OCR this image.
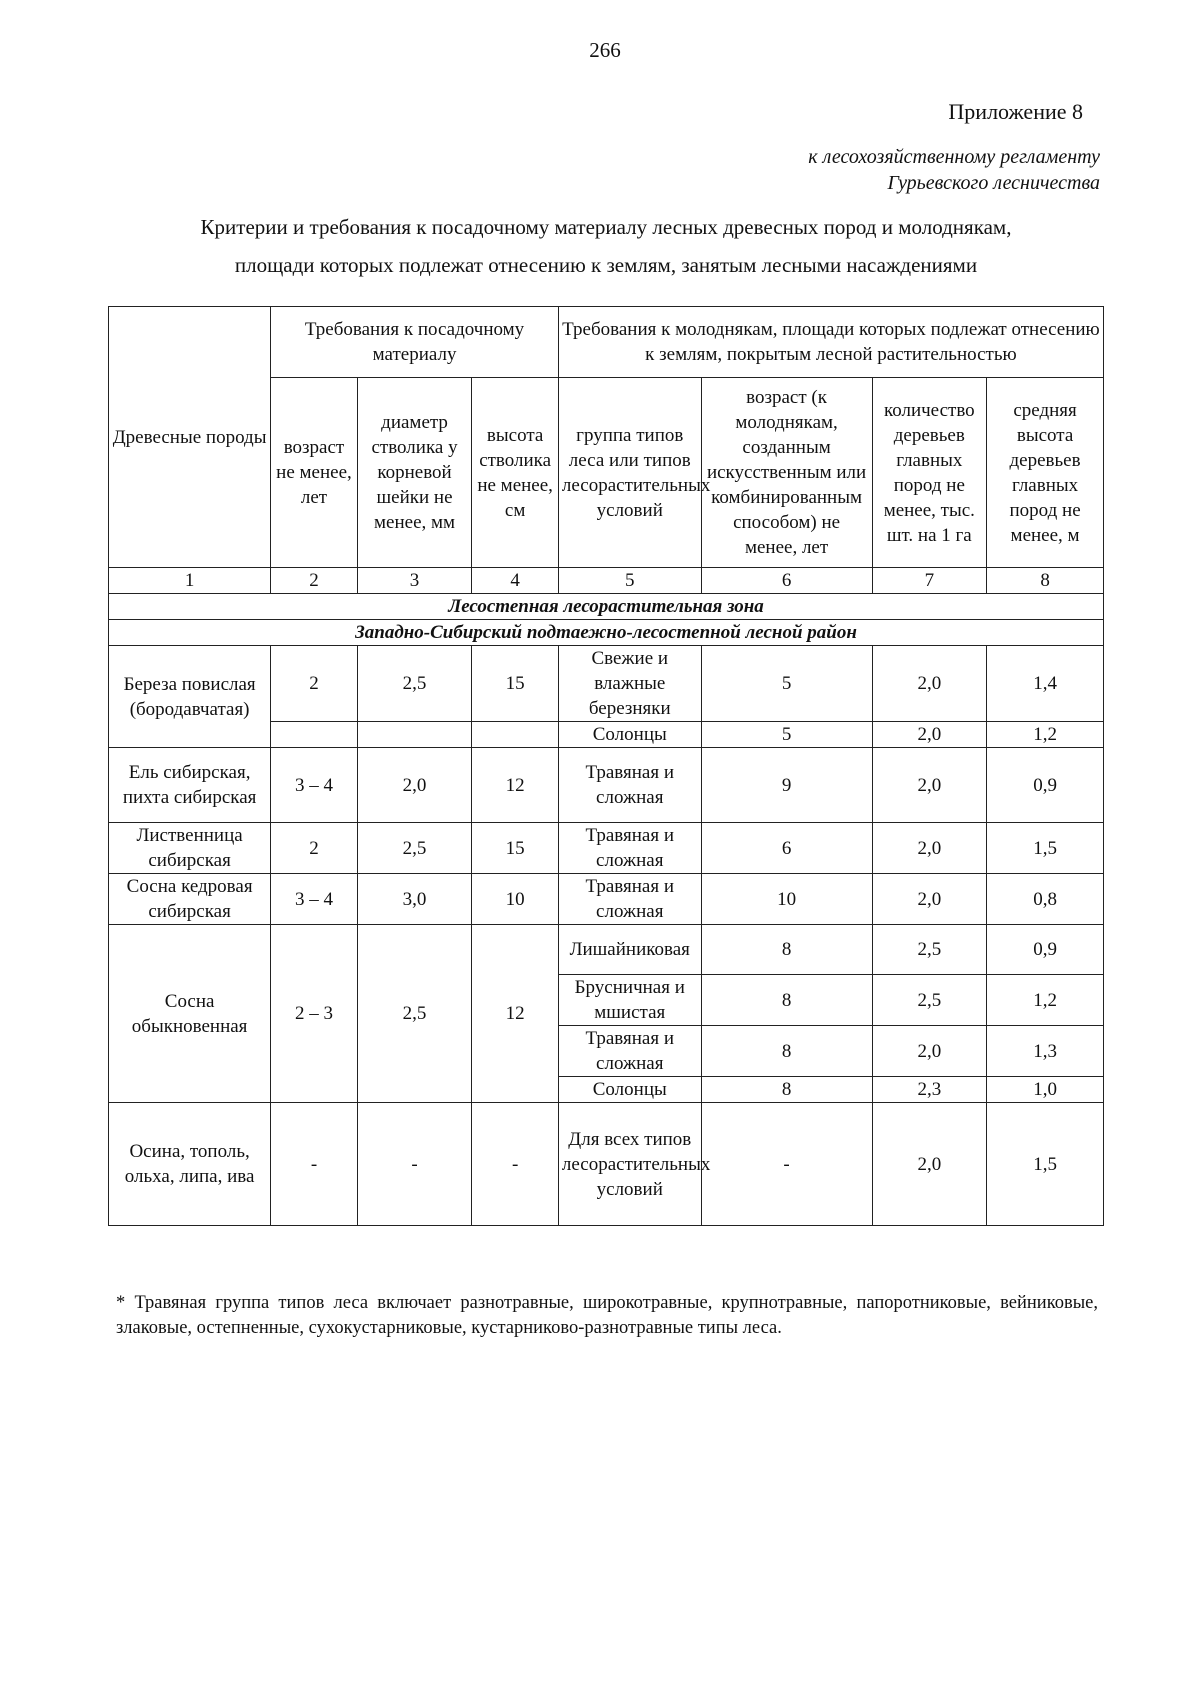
266
Приложение 8
к лесохозяйственному регламенту
Гурьевского лесничества
Критерии и требования к посадочному материалу лесных древесных пород и молоднякам,
площади которых подлежат отнесению к землям, занятым лесными насаждениями
Древесные породы	Требования к посадочному материалу			Требования к молоднякам, площади которых подлежат отнесению к землям, покрытым лесной растительностью			
	возраст не менее, лет	диаметр стволика у корневой шейки не менее, мм	высота стволика не менее, см	группа типов леса или типов лесорастительных условий	возраст (к молоднякам, созданным искусственным или комбинированным способом) не менее, лет	количество деревьев главных пород не менее, тыс. шт. на 1 га	средняя высота деревьев главных пород не менее, м
1	2	3	4	5	6	7	8
Лесостепная лесорастительная зона							
Западно-Сибирский подтаежно-лесостепной лесной район							
Береза повислая (бородавчатая)	2	2,5	15	Свежие и влажные березняки	5	2,0	1,4
				Солонцы	5	2,0	1,2
Ель сибирская, пихта сибирская	3 – 4	2,0	12	Травяная и сложная	9	2,0	0,9
Лиственница сибирская	2	2,5	15	Травяная и сложная	6	2,0	1,5
Сосна кедровая сибирская	3 – 4	3,0	10	Травяная и сложная	10	2,0	0,8
Сосна обыкновенная	2 – 3	2,5	12	Лишайниковая	8	2,5	0,9
				Брусничная и мшистая	8	2,5	1,2
				Травяная и сложная	8	2,0	1,3
				Солонцы	8	2,3	1,0
Осина, тополь, ольха, липа, ива	-	-	-	Для всех типов лесорастительных условий	-	2,0	1,5
* Травяная группа типов леса включает разнотравные, широкотравные, крупнотравные, папоротниковые, вейниковые, злаковые, остепненные, сухокустарниковые, кустарниково-разнотравные типы леса.
